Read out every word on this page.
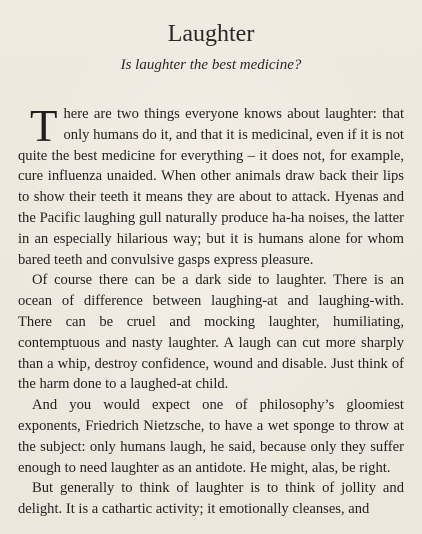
Laughter
Is laughter the best medicine?

There are two things everyone knows about laughter: that only humans do it, and that it is medicinal, even if it is not quite the best medicine for everything – it does not, for example, cure influenza unaided. When other animals draw back their lips to show their teeth it means they are about to attack. Hyenas and the Pacific laughing gull naturally produce ha-ha noises, the latter in an especially hilarious way; but it is humans alone for whom bared teeth and convulsive gasps express pleasure.

Of course there can be a dark side to laughter. There is an ocean of difference between laughing-at and laughing-with. There can be cruel and mocking laughter, humiliating, contemptuous and nasty laughter. A laugh can cut more sharply than a whip, destroy confidence, wound and disable. Just think of the harm done to a laughed-at child.

And you would expect one of philosophy’s gloomiest exponents, Friedrich Nietzsche, to have a wet sponge to throw at the subject: only humans laugh, he said, because only they suffer enough to need laughter as an antidote. He might, alas, be right.

But generally to think of laughter is to think of jollity and delight. It is a cathartic activity; it emotionally cleanses, and
